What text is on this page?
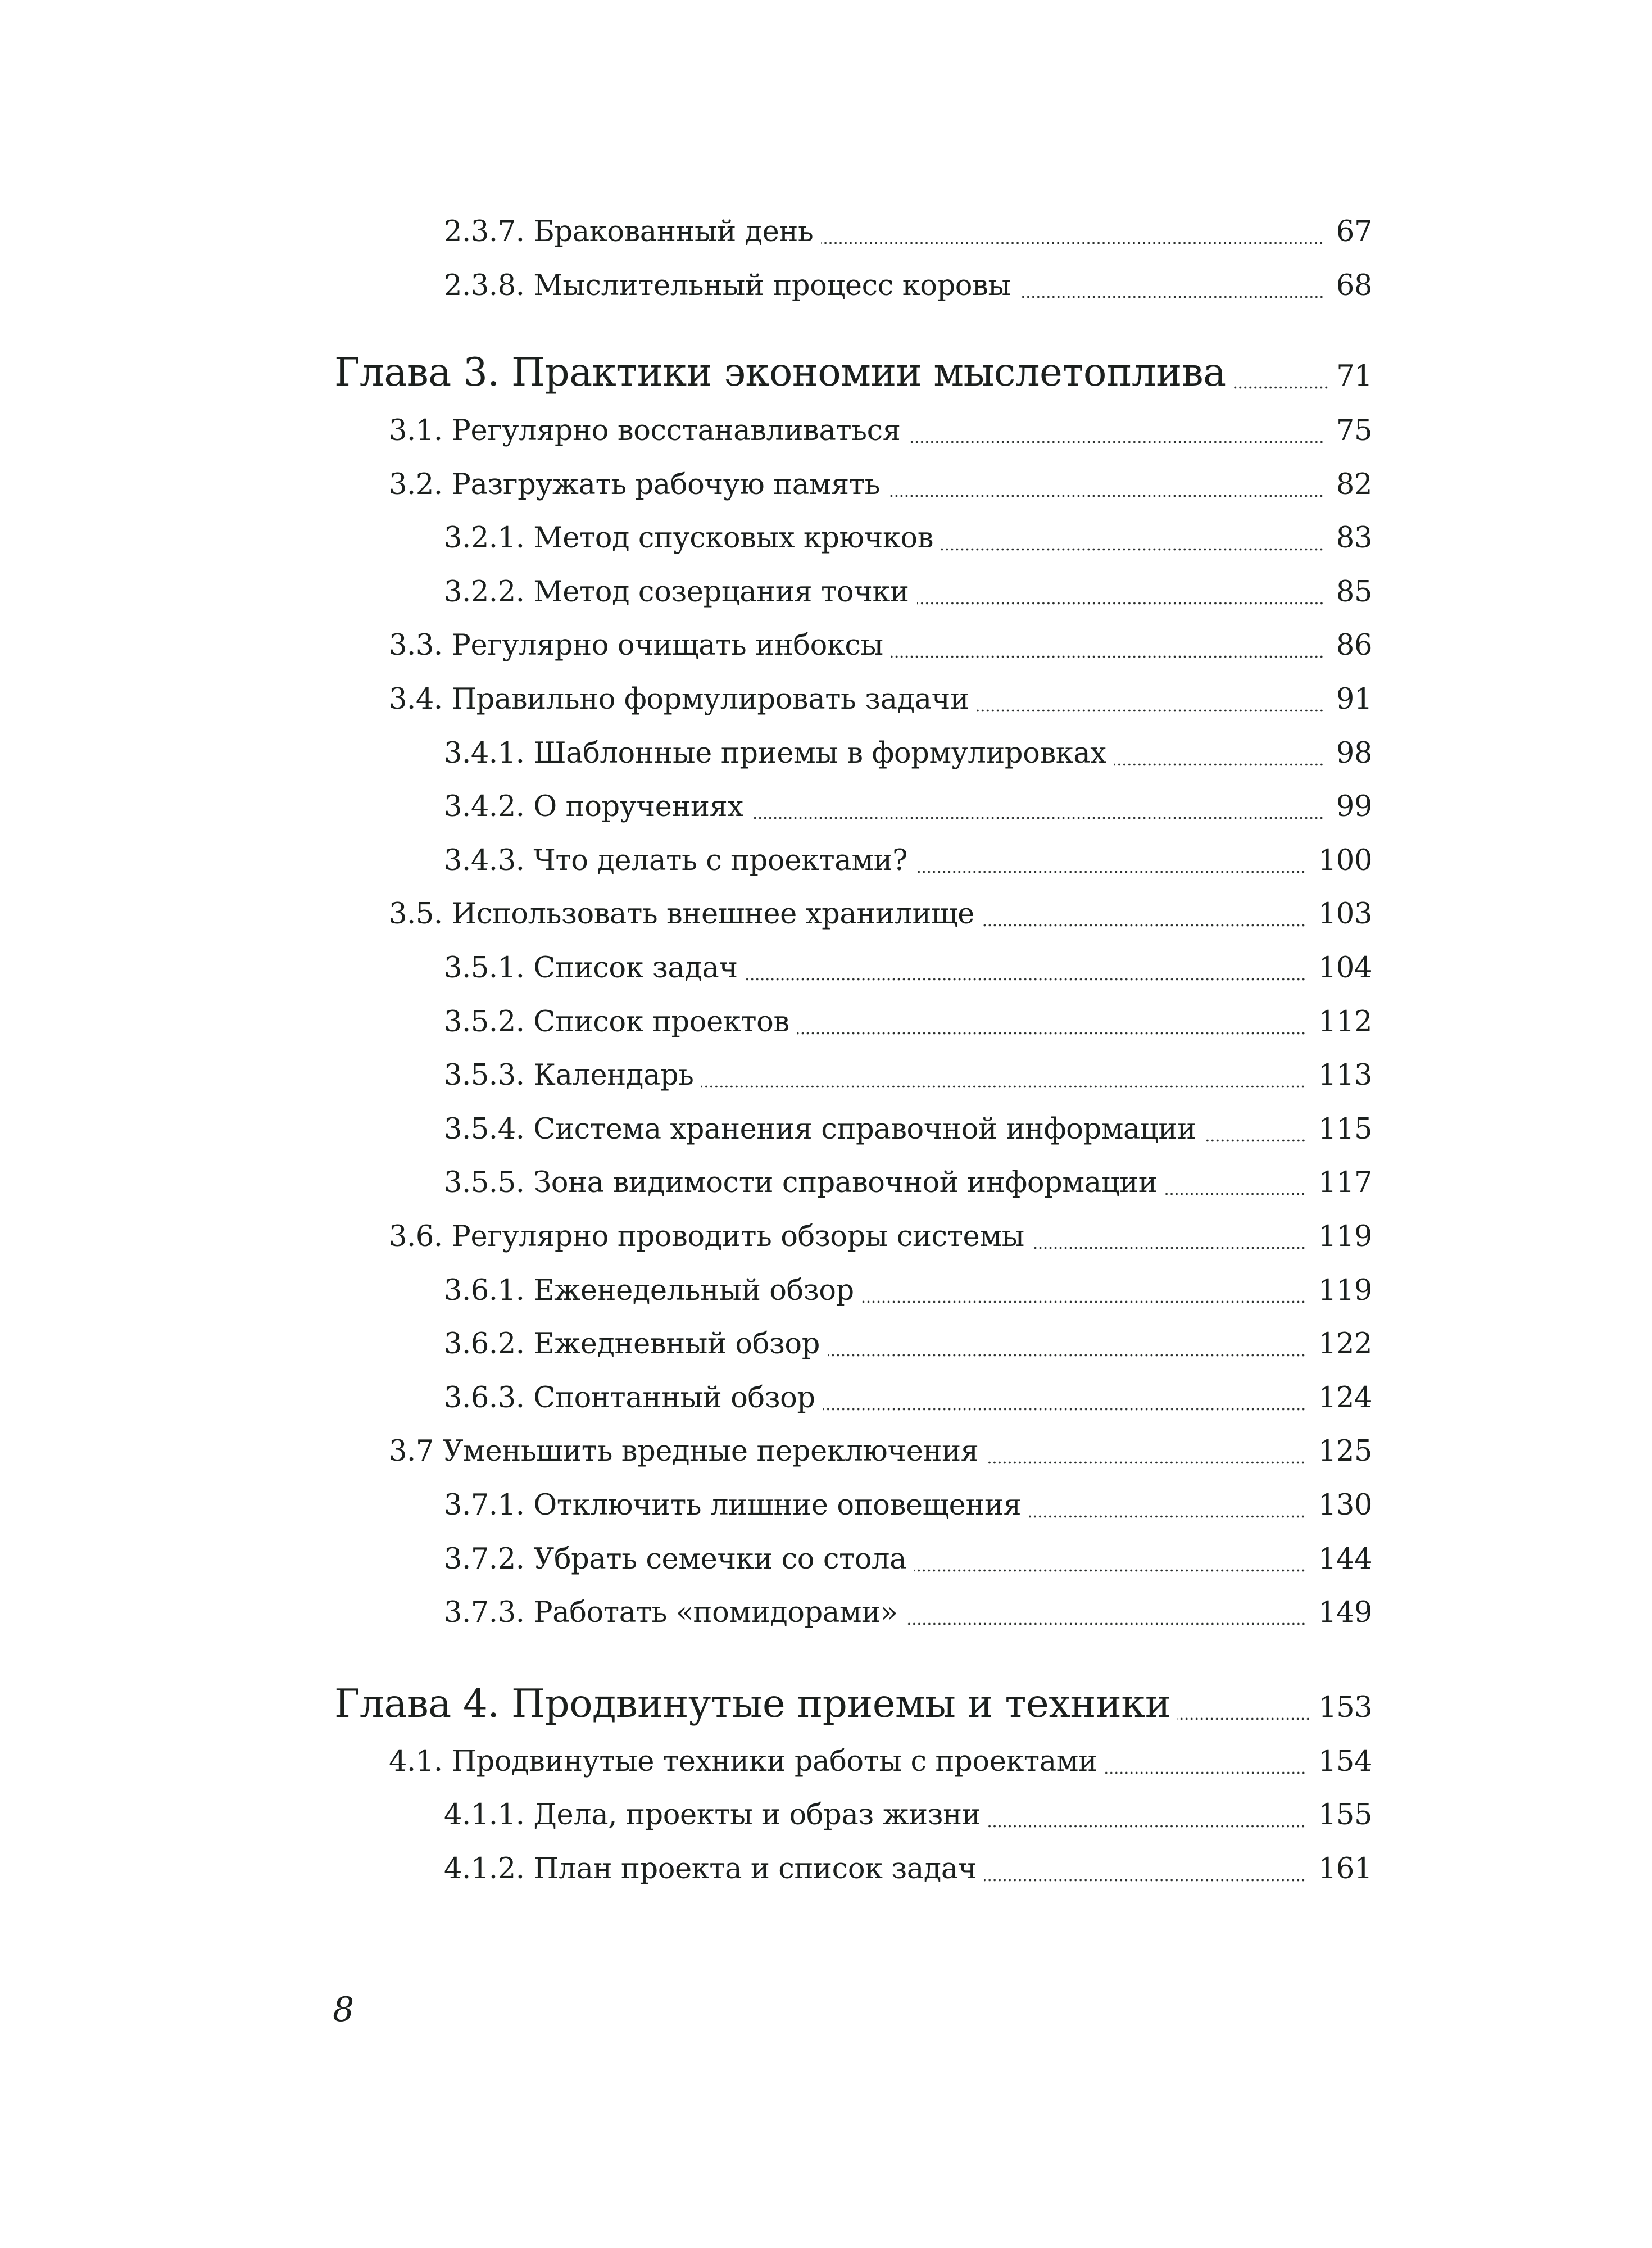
2.3.7. Бракованный день	67
2.3.8. Мыслительный процесс коровы	68
Глава 3. Практики экономии мыслетоплива	71
3.1. Регулярно восстанавливаться	75
3.2. Разгружать рабочую память	82
3.2.1. Метод спусковых крючков	83
3.2.2. Метод созерцания точки	85
3.3. Регулярно очищать инбоксы	86
3.4. Правильно формулировать задачи	91
3.4.1. Шаблонные приемы в формулировках	98
3.4.2. О поручениях	99
3.4.3. Что делать с проектами?	100
3.5. Использовать внешнее хранилище	103
3.5.1. Список задач	104
3.5.2. Список проектов	112
3.5.3. Календарь	113
3.5.4. Система хранения справочной информации	115
3.5.5. Зона видимости справочной информации	117
3.6. Регулярно проводить обзоры системы	119
3.6.1. Еженедельный обзор	119
3.6.2. Ежедневный обзор	122
3.6.3. Спонтанный обзор	124
3.7 Уменьшить вредные переключения	125
3.7.1. Отключить лишние оповещения	130
3.7.2. Убрать семечки со стола	144
3.7.3. Работать «помидорами»	149
Глава 4. Продвинутые приемы и техники	153
4.1. Продвинутые техники работы с проектами	154
4.1.1. Дела, проекты и образ жизни	155
4.1.2. План проекта и список задач	161
8
